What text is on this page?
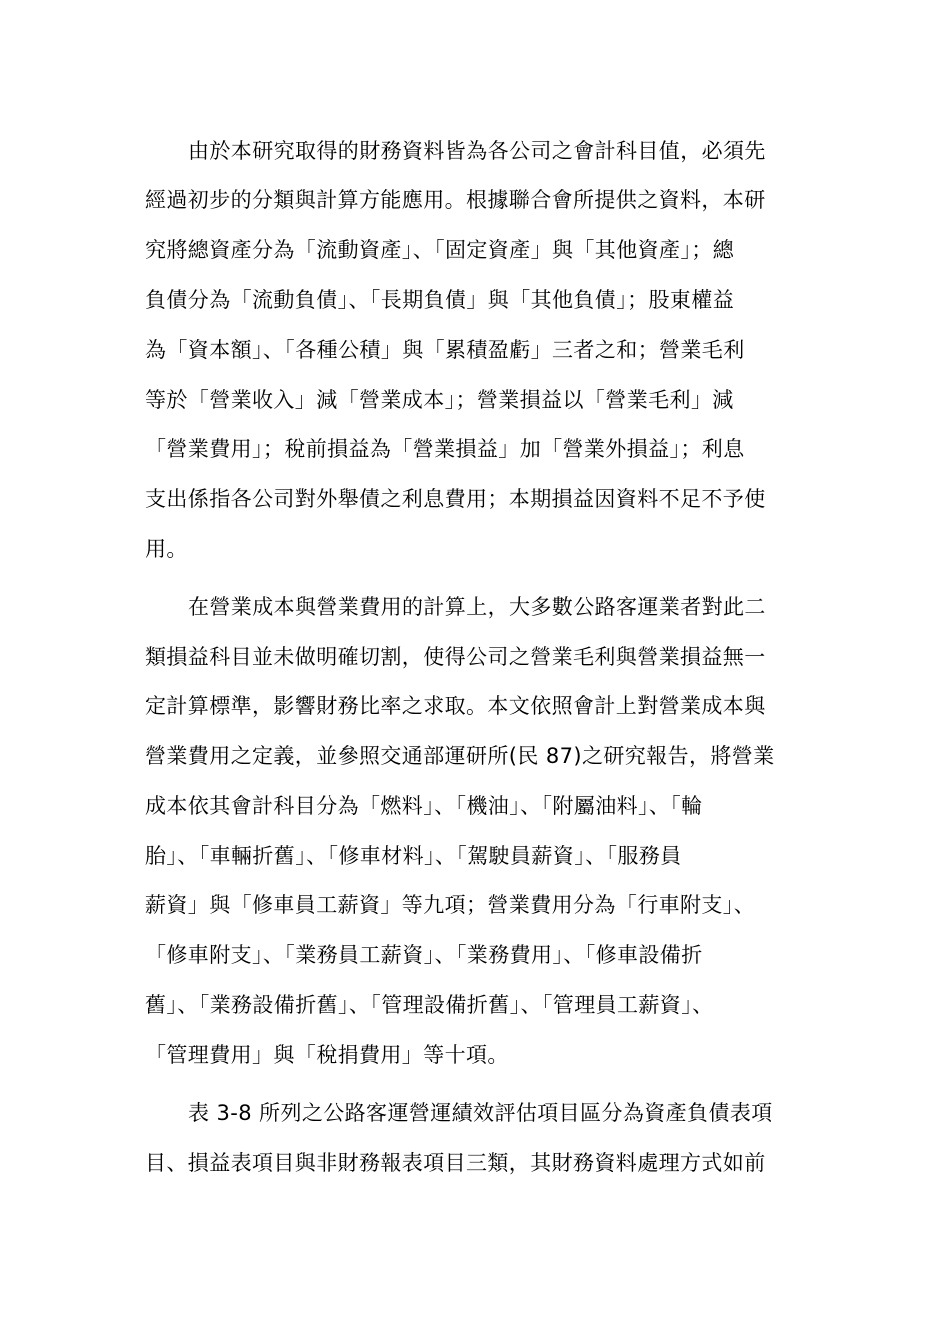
由於本研究取得的財務資料皆為各公司之會計科目值，必須先
經過初步的分類與計算方能應用。根據聯合會所提供之資料，本研
究將總資產分為「流動資產」、「固定資產」與「其他資產」；總
負債分為「流動負債」、「長期負債」與「其他負債」；股東權益
為「資本額」、「各種公積」與「累積盈虧」三者之和；營業毛利
等於「營業收入」減「營業成本」；營業損益以「營業毛利」減
「營業費用」；稅前損益為「營業損益」加「營業外損益」；利息
支出係指各公司對外舉債之利息費用；本期損益因資料不足不予使
用。
在營業成本與營業費用的計算上，大多數公路客運業者對此二
類損益科目並未做明確切割，使得公司之營業毛利與營業損益無一
定計算標準，影響財務比率之求取。本文依照會計上對營業成本與
營業費用之定義，並參照交通部運研所(民 87)之研究報告，將營業
成本依其會計科目分為「燃料」、「機油」、「附屬油料」、「輪
胎」、「車輛折舊」、「修車材料」、「駕駛員薪資」、「服務員
薪資」與「修車員工薪資」等九項；營業費用分為「行車附支」、
「修車附支」、「業務員工薪資」、「業務費用」、「修車設備折
舊」、「業務設備折舊」、「管理設備折舊」、「管理員工薪資」、
「管理費用」與「稅捐費用」等十項。
表 3-8 所列之公路客運營運績效評估項目區分為資產負債表項
目、損益表項目與非財務報表項目三類，其財務資料處理方式如前
